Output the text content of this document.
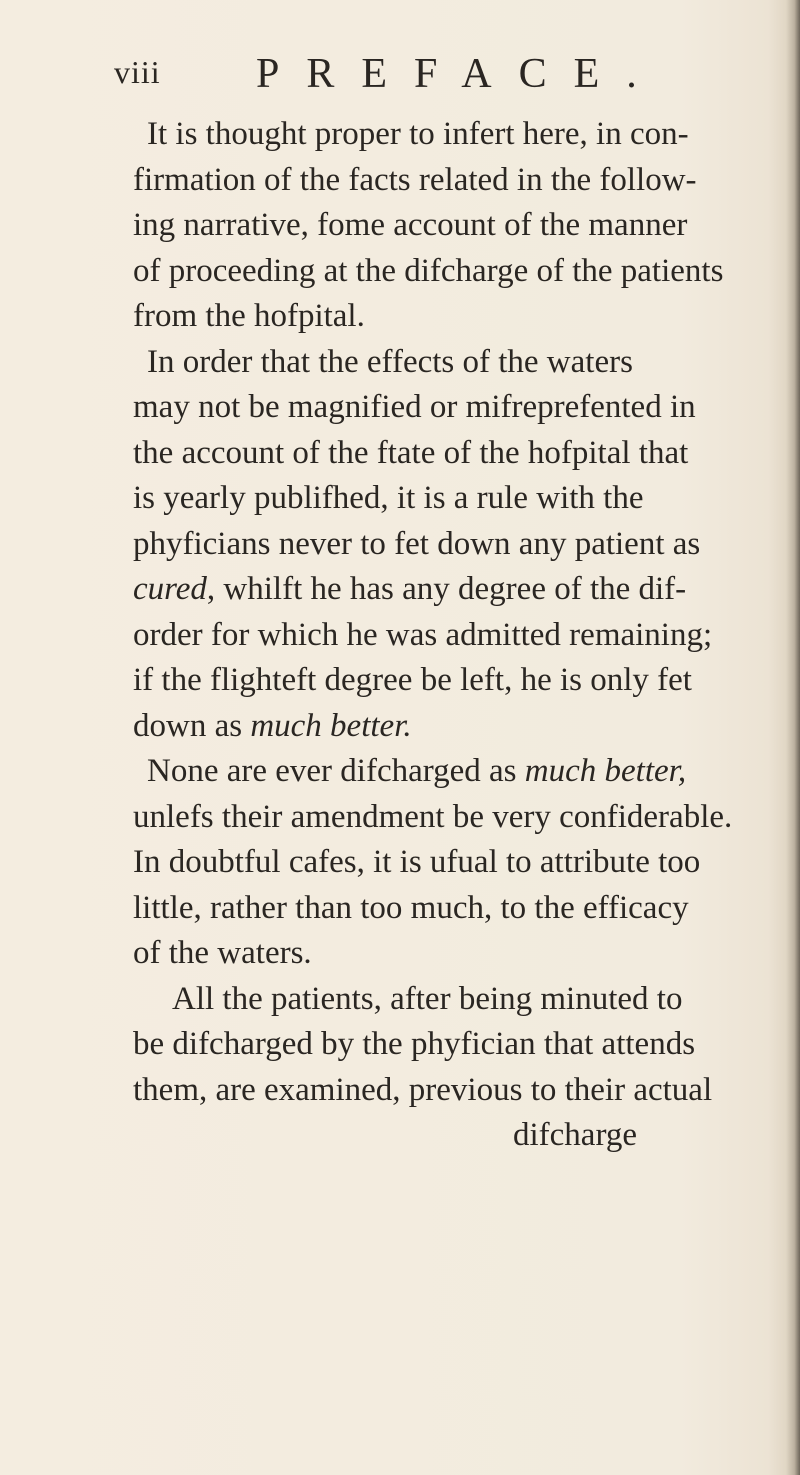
viii PREFACE.
It is thought proper to infert here, in con-
firmation of the facts related in the follow-
ing narrative, fome account of the manner
of proceeding at the difcharge of the patients
from the hofpital.
In order that the effects of the waters
may not be magnified or mifreprefented in
the account of the ftate of the hofpital that
is yearly publifhed, it is a rule with the
phyficians never to fet down any patient as
cured, whilft he has any degree of the dif-
order for which he was admitted remaining;
if the flighteft degree be left, he is only fet
down as much better.
None are ever difcharged as much better,
unlefs their amendment be very confiderable.
In doubtful cafes, it is ufual to attribute too
little, rather than too much, to the efficacy
of the waters.
All the patients, after being minuted to
be difcharged by the phyfician that attends
them, are examined, previous to their actual
difcharge
